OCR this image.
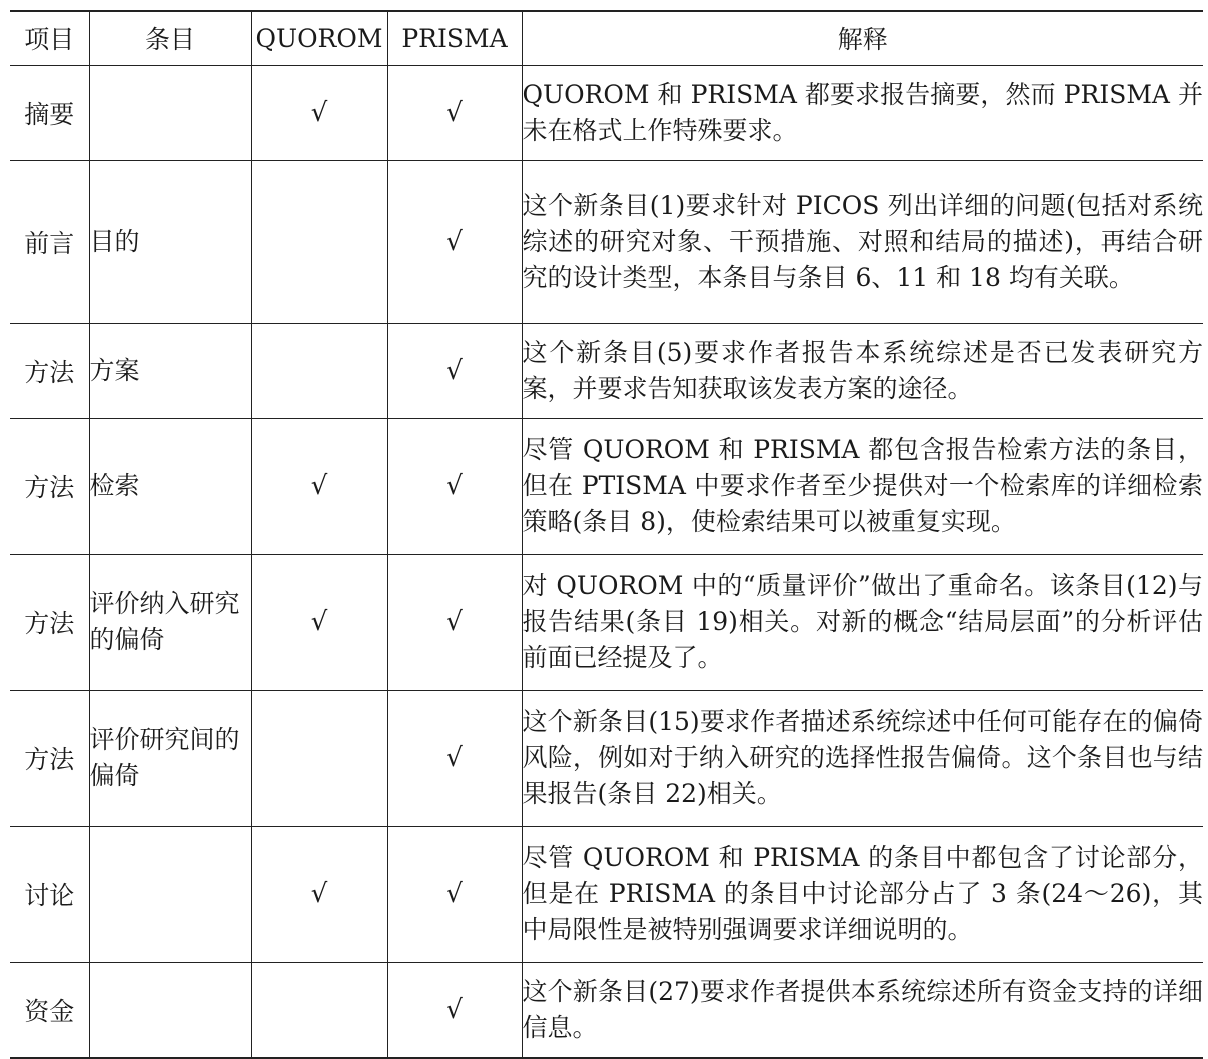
项目	条目	QUOROM	PRISMA	解释
摘要		√	√	QUOROM 和 PRISMA 都要求报告摘要，然而 PRISMA 并未在格式上作特殊要求。
前言	目的		√	这个新条目(1)要求针对 PICOS 列出详细的问题(包括对系统综述的研究对象、干预措施、对照和结局的描述)，再结合研究的设计类型，本条目与条目 6、11 和 18 均有关联。
方法	方案		√	这个新条目(5)要求作者报告本系统综述是否已发表研究方案，并要求告知获取该发表方案的途径。
方法	检索	√	√	尽管 QUOROM 和 PRISMA 都包含报告检索方法的条目，但在 PTISMA 中要求作者至少提供对一个检索库的详细检索策略(条目 8)，使检索结果可以被重复实现。
方法	评价纳入研究的偏倚	√	√	对 QUOROM 中的“质量评价”做出了重命名。该条目(12)与报告结果(条目 19)相关。对新的概念“结局层面”的分析评估前面已经提及了。
方法	评价研究间的偏倚		√	这个新条目(15)要求作者描述系统综述中任何可能存在的偏倚风险，例如对于纳入研究的选择性报告偏倚。这个条目也与结果报告(条目 22)相关。
讨论		√	√	尽管 QUOROM 和 PRISMA 的条目中都包含了讨论部分，但是在 PRISMA 的条目中讨论部分占了 3 条(24～26)，其中局限性是被特别强调要求详细说明的。
资金			√	这个新条目(27)要求作者提供本系统综述所有资金支持的详细信息。
